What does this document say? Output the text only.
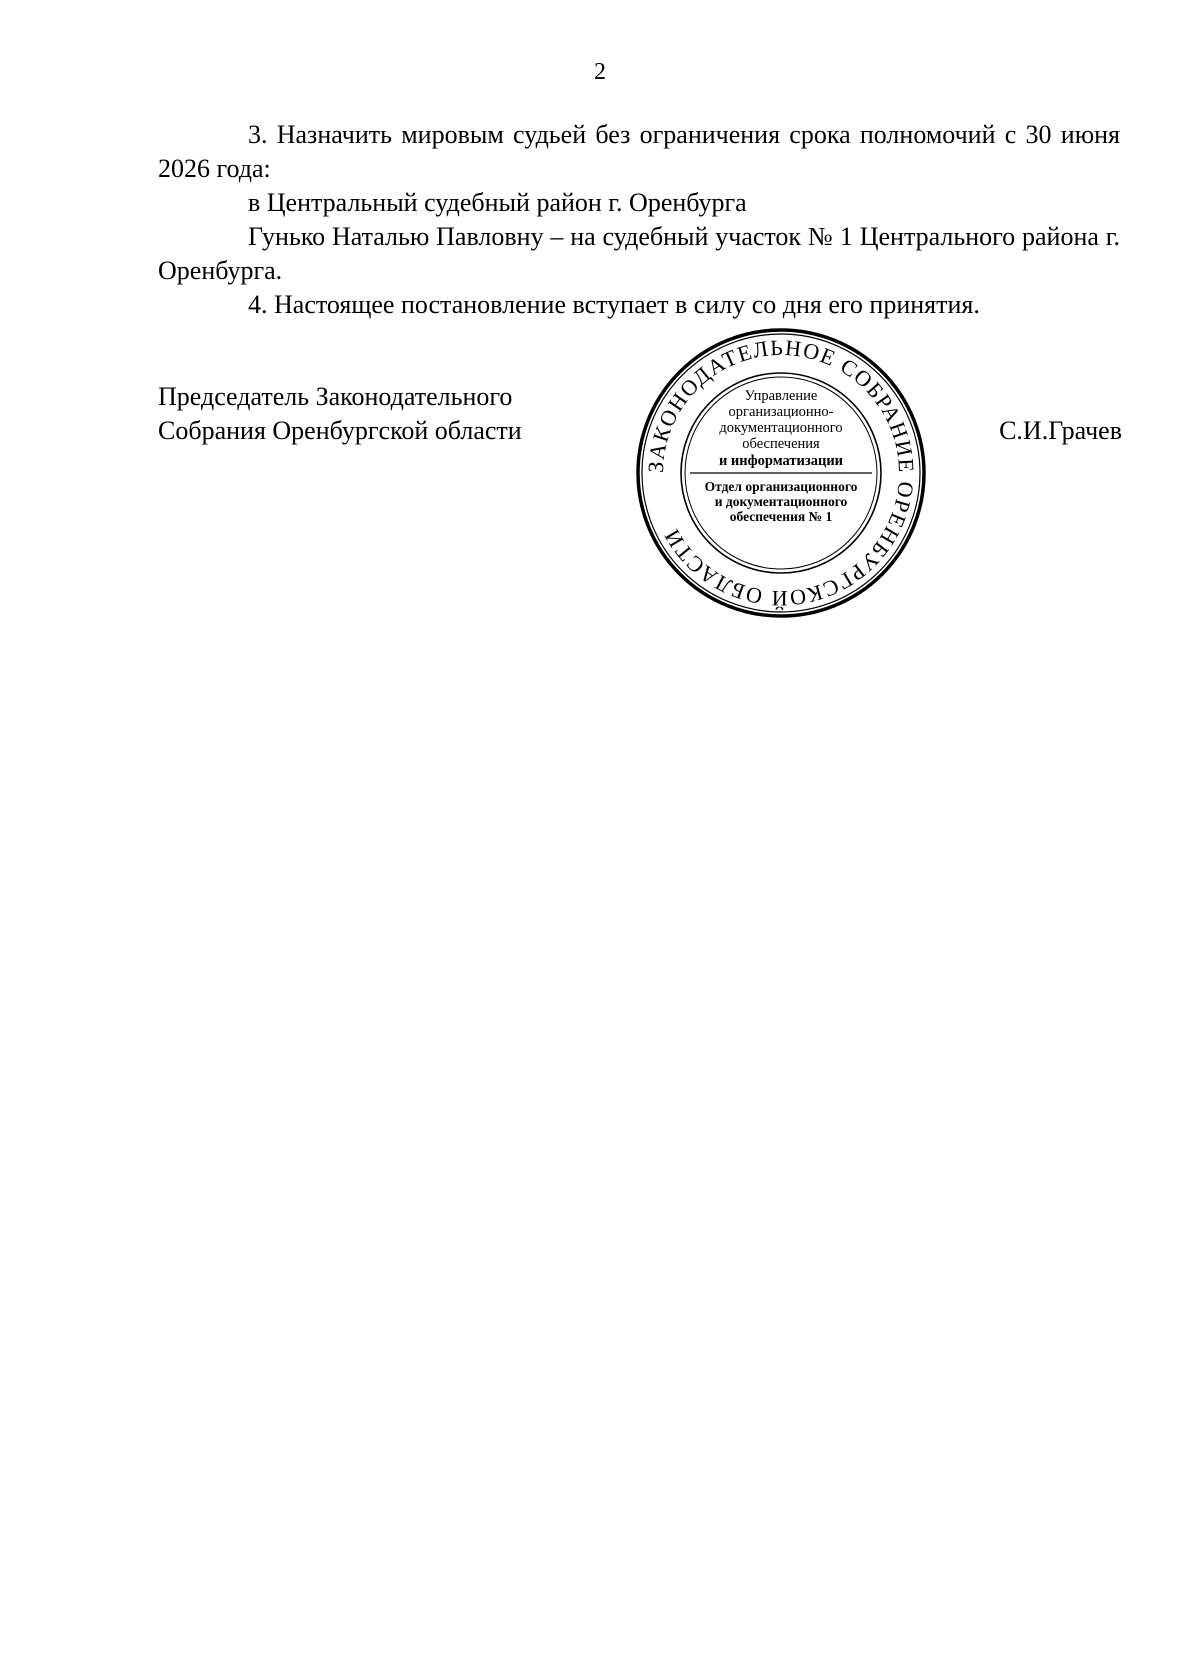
2

3. Назначить мировым судьей без ограничения срока полномочий с 30 июня 2026 года:

в Центральный судебный район г. Оренбурга

Гунько Наталью Павловну – на судебный участок № 1 Центрального района г. Оренбурга.

4. Настоящее постановление вступает в силу со дня его принятия.

Председатель Законодательного
Собрания Оренбургской области	С.И.Грачев
ЗАКОНОДАТЕЛЬНОЕ СОБРАНИЕ ОРЕНБУРГСКОЙ ОБЛАСТИ
Управление
организационно-
документационного
обеспечения
и информатизации
Отдел организационного
и документационного
обеспечения № 1
